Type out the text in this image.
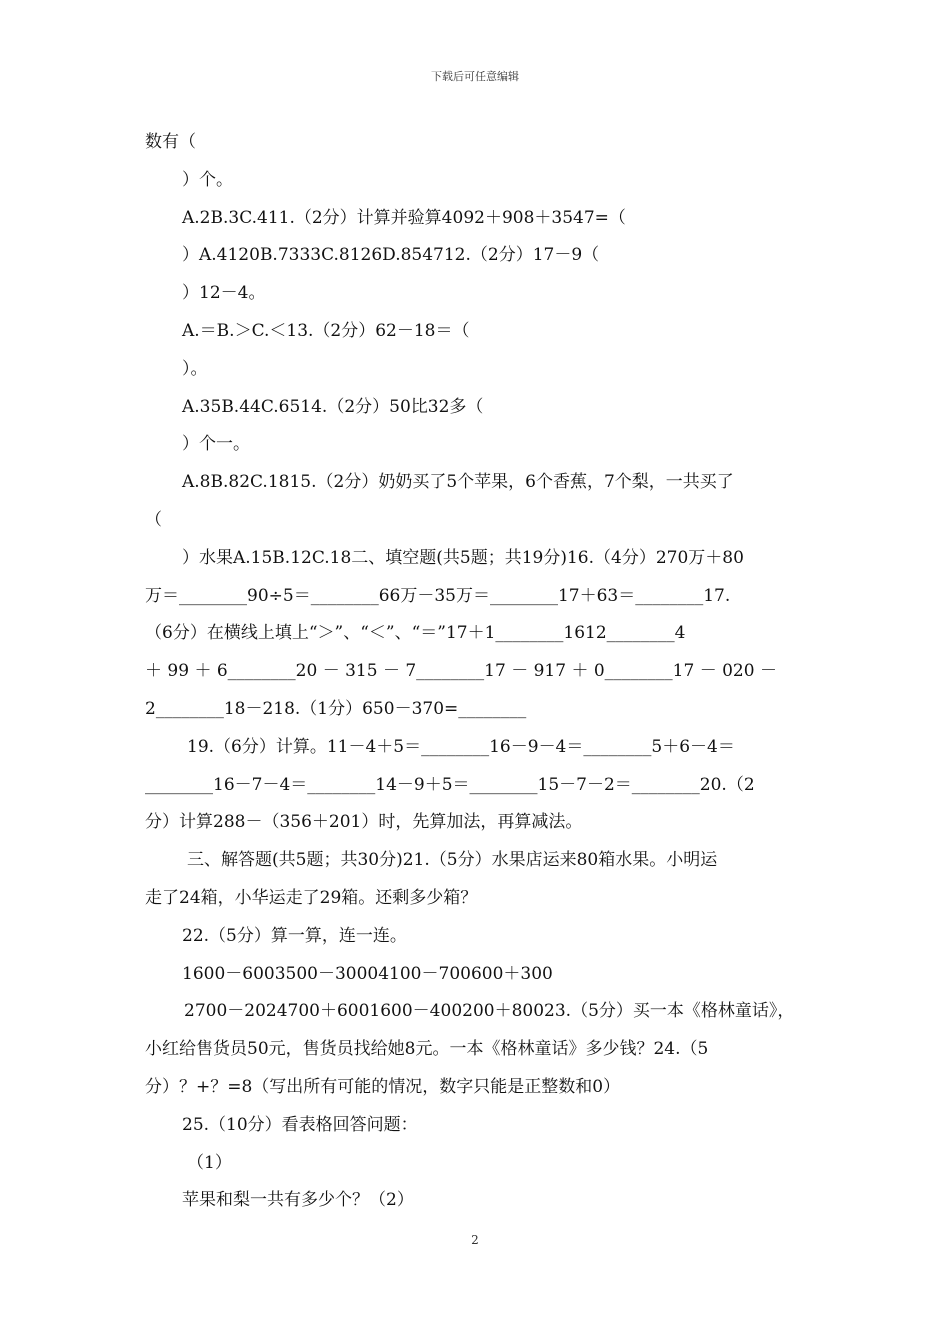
下载后可任意编辑
数有（
）个。
A.2B.3C.411.（2分）计算并验算4092＋908＋3547=（
）A.4120B.7333C.8126D.854712.（2分）17－9（
）12－4。
A.＝B.＞C.＜13.（2分）62－18＝（
）。
A.35B.44C.6514.（2分）50比32多（
）个一。
A.8B.82C.1815.（2分）奶奶买了5个苹果，6个香蕉，7个梨，一共买了
（
）水果A.15B.12C.18二、填空题(共5题；共19分)16.（4分）270万＋80
万＝________90÷5＝________66万－35万＝________17＋63＝________17.
（6分）在横线上填上“＞”、“＜”、“＝”17＋1________1612________4
＋ 99 ＋ 6________20 － 315 － 7________17 － 917 ＋ 0________17 － 020 －
2________18－218.（1分）650－370=________
19.（6分）计算。11－4＋5＝________16－9－4＝________5＋6－4＝
________16－7－4＝________14－9＋5＝________15－7－2＝________20.（2
分）计算288－（356＋201）时，先算加法，再算减法。
三、解答题(共5题；共30分)21.（5分）水果店运来80箱水果。小明运
走了24箱，小华运走了29箱。还剩多少箱？
22.（5分）算一算，连一连。
1600－6003500－30004100－700600＋300
2700－2024700＋6001600－400200＋80023.（5分）买一本《格林童话》，
小红给售货员50元，售货员找给她8元。一本《格林童话》多少钱？24.（5
分）？+？=8（写出所有可能的情况，数字只能是正整数和0）
25.（10分）看表格回答问题：
（1）
苹果和梨一共有多少个？（2）
2
